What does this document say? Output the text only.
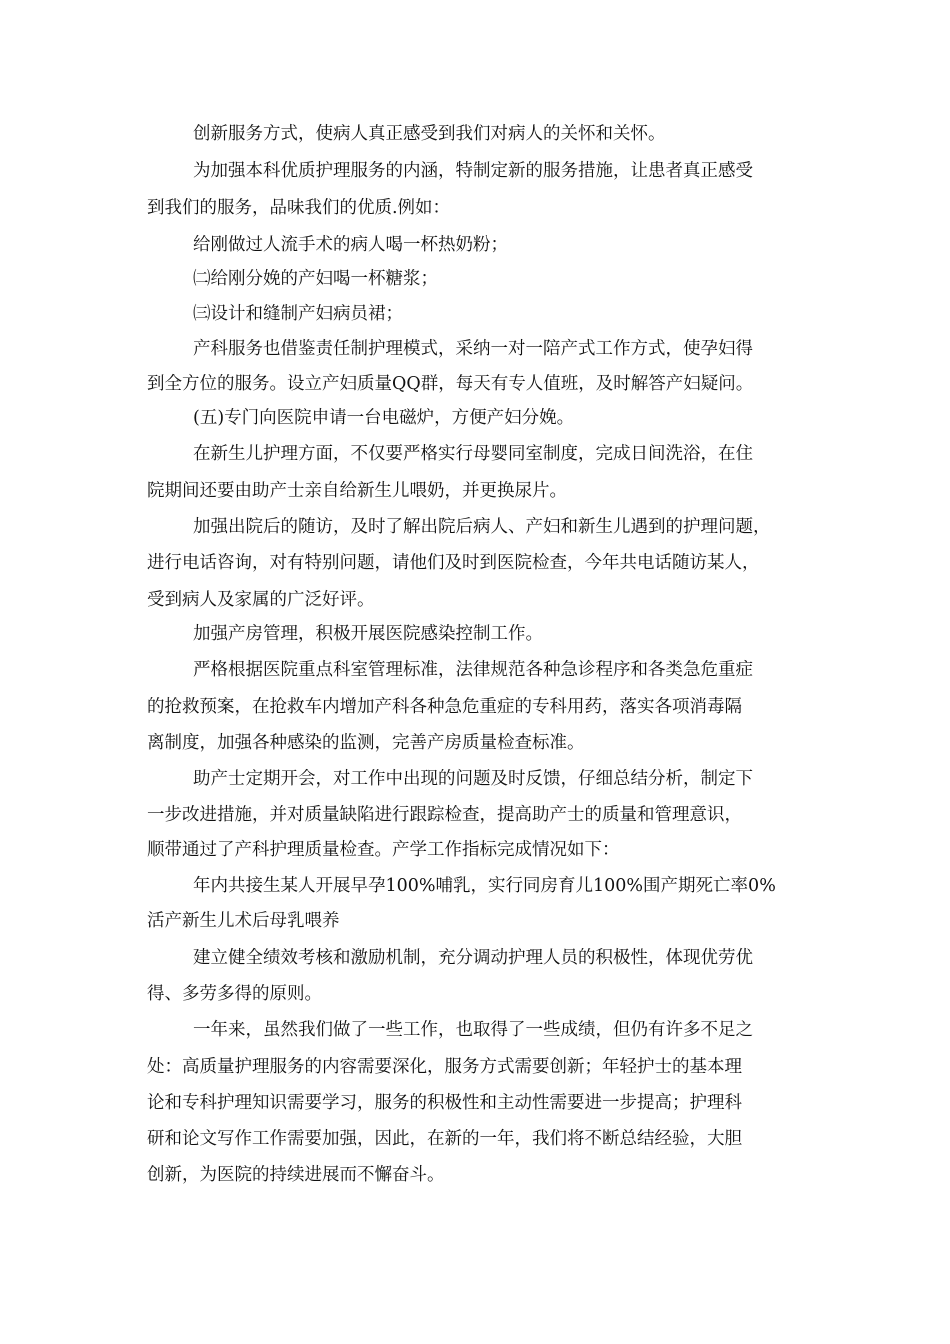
创新服务方式，使病人真正感受到我们对病人的关怀和关怀。
为加强本科优质护理服务的内涵，特制定新的服务措施，让患者真正感受
到我们的服务，品味我们的优质.例如：
给刚做过人流手术的病人喝一杯热奶粉；
㈡给刚分娩的产妇喝一杯糖浆；
㈢设计和缝制产妇病员裙；
产科服务也借鉴责任制护理模式，采纳一对一陪产式工作方式，使孕妇得
到全方位的服务。设立产妇质量QQ群，每天有专人值班，及时解答产妇疑问。
(五)专门向医院申请一台电磁炉，方便产妇分娩。
在新生儿护理方面，不仅要严格实行母婴同室制度，完成日间洗浴，在住
院期间还要由助产士亲自给新生儿喂奶，并更换尿片。
加强出院后的随访，及时了解出院后病人、产妇和新生儿遇到的护理问题，
进行电话咨询，对有特别问题，请他们及时到医院检查，今年共电话随访某人，
受到病人及家属的广泛好评。
加强产房管理，积极开展医院感染控制工作。
严格根据医院重点科室管理标准，法律规范各种急诊程序和各类急危重症
的抢救预案，在抢救车内增加产科各种急危重症的专科用药，落实各项消毒隔
离制度，加强各种感染的监测，完善产房质量检查标准。
助产士定期开会，对工作中出现的问题及时反馈，仔细总结分析，制定下
一步改进措施，并对质量缺陷进行跟踪检查，提高助产士的质量和管理意识，
顺带通过了产科护理质量检查。产学工作指标完成情况如下：
年内共接生某人开展早孕100%哺乳，实行同房育儿100%围产期死亡率0%
活产新生儿术后母乳喂养
建立健全绩效考核和激励机制，充分调动护理人员的积极性，体现优劳优
得、多劳多得的原则。
一年来，虽然我们做了一些工作，也取得了一些成绩，但仍有许多不足之
处：高质量护理服务的内容需要深化，服务方式需要创新；年轻护士的基本理
论和专科护理知识需要学习，服务的积极性和主动性需要进一步提高；护理科
研和论文写作工作需要加强，因此，在新的一年，我们将不断总结经验，大胆
创新，为医院的持续进展而不懈奋斗。
